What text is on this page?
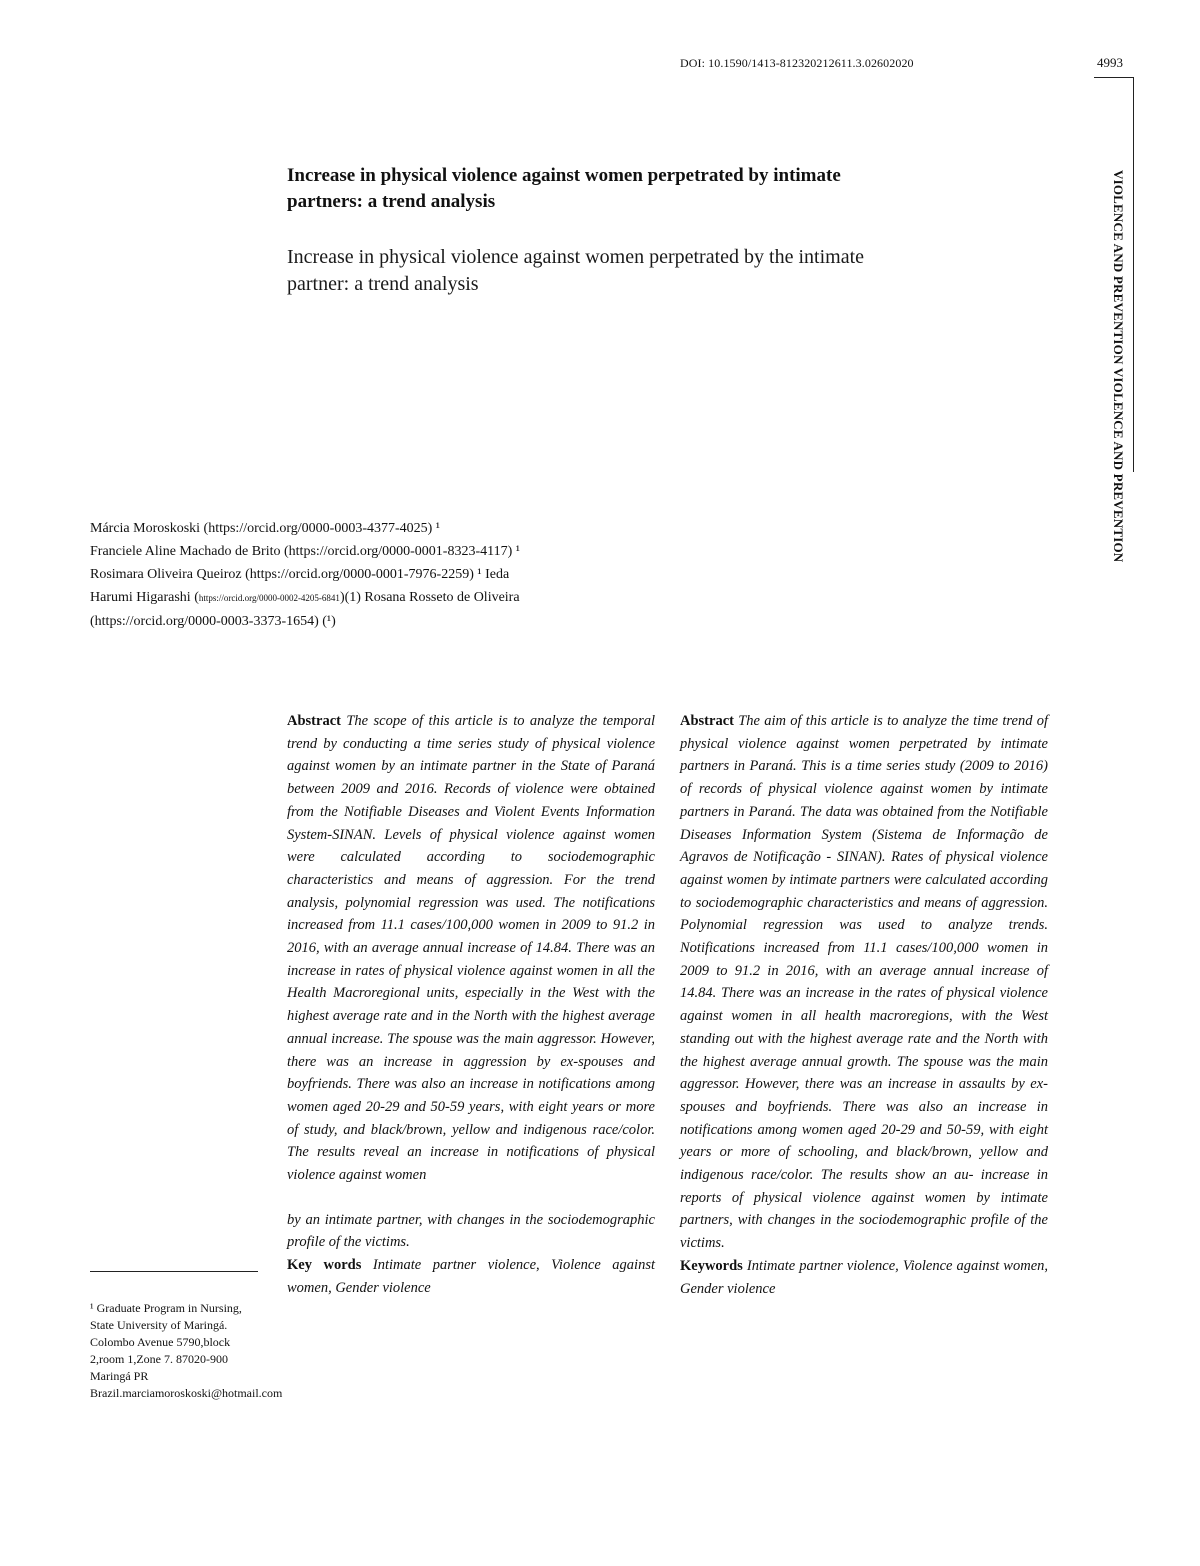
DOI: 10.1590/1413-812320212611.3.02602020	4993
VIOLENCE AND PREVENTION VIOLENCE AND PREVENTION
Increase in physical violence against women perpetrated by intimate partners: a trend analysis
Increase in physical violence against women perpetrated by the intimate partner: a trend analysis
Márcia Moroskoski (https://orcid.org/0000-0003-4377-4025) ¹
Franciele Aline Machado de Brito (https://orcid.org/0000-0001-8323-4117) ¹
Rosimara Oliveira Queiroz (https://orcid.org/0000-0001-7976-2259) ¹ Ieda
Harumi Higarashi (https://orcid.org/0000-0002-4205-6841)(1) Rosana Rosseto de Oliveira
(https://orcid.org/0000-0003-3373-1654) (¹)
Abstract The scope of this article is to analyze the temporal trend by conducting a time series study of physical violence against women by an intimate partner in the State of Paraná between 2009 and 2016. Records of violence were obtained from the Notifiable Diseases and Violent Events Information System-SINAN. Levels of physical violence against women were calculated according to sociodemographic characteristics and means of aggression. For the trend analysis, polynomial regression was used. The notifications increased from 11.1 cases/100,000 women in 2009 to 91.2 in 2016, with an average annual increase of 14.84. There was an increase in rates of physical violence against women in all the Health Macroregional units, especially in the West with the highest average rate and in the North with the highest average annual increase. The spouse was the main aggressor. However, there was an increase in aggression by ex-spouses and boyfriends. There was also an increase in notifications among women aged 20-29 and 50-59 years, with eight years or more of study, and black/brown, yellow and indigenous race/color. The results reveal an increase in notifications of physical violence against women
by an intimate partner, with changes in the sociodemographic profile of the victims.
Key words Intimate partner violence, Violence against women, Gender violence
Abstract The aim of this article is to analyze the time trend of physical violence against women perpetrated by intimate partners in Paraná. This is a time series study (2009 to 2016) of records of physical violence against women by intimate partners in Paraná. The data was obtained from the Notifiable Diseases Information System (Sistema de Informação de Agravos de Notificação - SINAN). Rates of physical violence against women by intimate partners were calculated according to sociodemographic characteristics and means of aggression. Polynomial regression was used to analyze trends. Notifications increased from 11.1 cases/100,000 women in 2009 to 91.2 in 2016, with an average annual increase of 14.84. There was an increase in the rates of physical violence against women in all health macroregions, with the West standing out with the highest average rate and the North with the highest average annual growth. The spouse was the main aggressor. However, there was an increase in assaults by ex-spouses and boyfriends. There was also an increase in notifications among women aged 20-29 and 50-59, with eight years or more of schooling, and black/brown, yellow and indigenous race/color. The results show an au- increase in reports of physical violence against women by intimate partners, with changes in the sociodemographic profile of the victims.
Keywords Intimate partner violence, Violence against women, Gender violence
¹ Graduate Program in Nursing, State University of Maringá. Colombo Avenue 5790,block 2,room 1,Zone 7. 87020-900 Maringá PR Brazil.marciamoroskoski@hotmail.com
